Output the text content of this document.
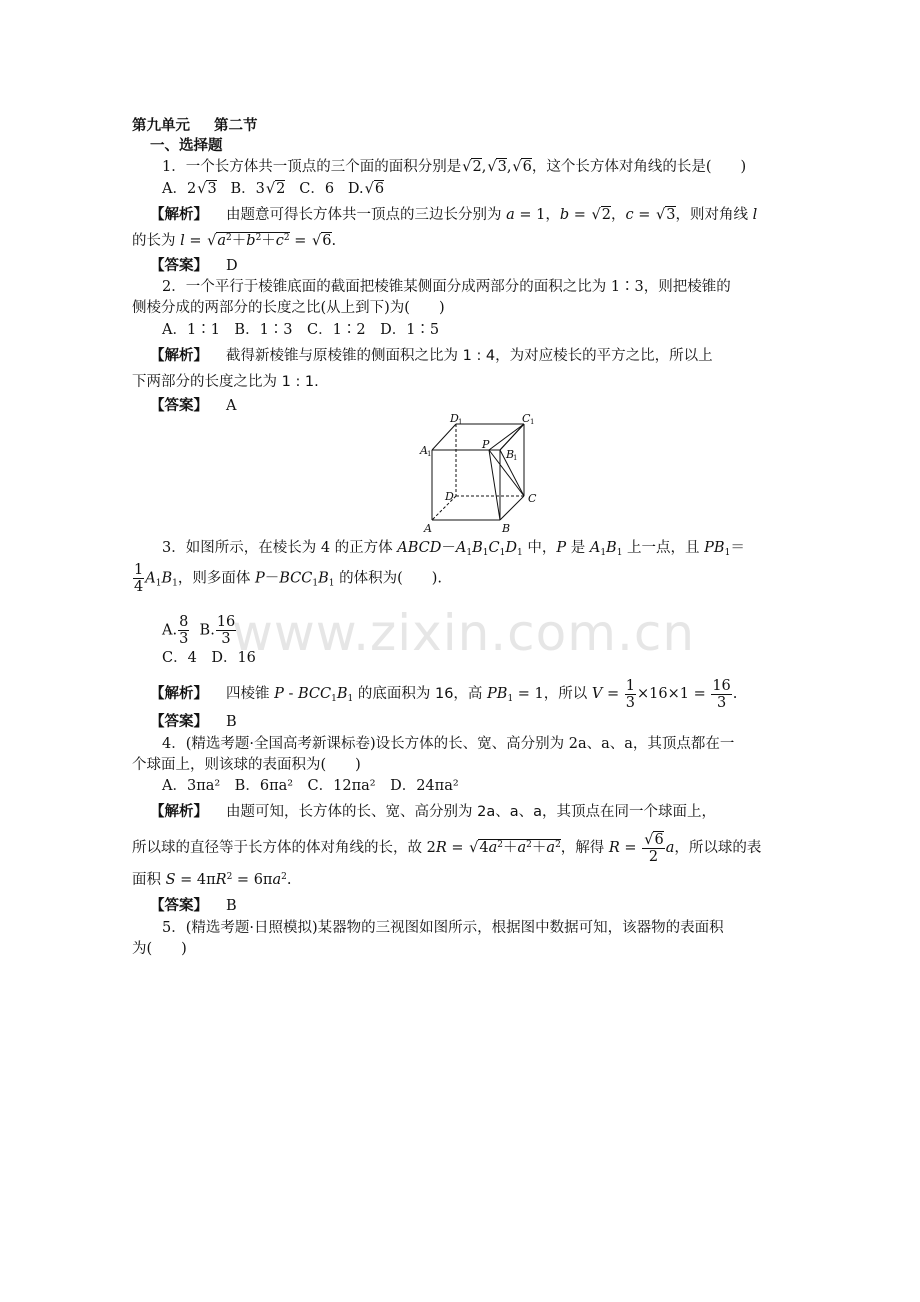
www.zixin.com.cn
第九单元 第二节
一、选择题
1．一个长方体共一顶点的三个面的面积分别是 √ 2, √ 3, √ 6，这个长方体对角线的长是(　　)
A．2 √ 3 B．3 √ 2 C．6 D. √ 6
【解析】 由题意可得长方体共一顶点的三边长分别为 a = 1，b = √ 2，c = √ 3，则对角线 l
的长为 l = √ $a^2+b^2+c^2$ = √ 6.
【答案】 D
2．一个平行于棱锥底面的截面把棱锥某侧面分成两部分的面积之比为 1∶3，则把棱锥的
侧棱分成的两部分的长度之比(从上到下)为(　　)
A．1∶1　B．1∶3　C．1∶2　D．1∶5
【解析】 截得新棱锥与原棱锥的侧面积之比为 1 : 4，为对应棱长的平方之比，所以上
下两部分的长度之比为 1 : 1.
【答案】 A
D 1	C 1
A 1
P
B
1
D	C
A	B
3．如图所示，在棱长为 4 的正方体 $ABCD-A_1B_1C_1D_1$ 中，P 是 $A_1B_1$ 上一点，且 $PB_1=$
$\frac{1}{4} A_1B_1$，则多面体 $P-BCC_1B_1$ 的体积为(　　).
A. $\frac{8}{3} B$. $\frac{16}{3}$
C．4　D．16
【解析】 四棱锥 P - $BCC_1B_1$ 的底面积为 16，高 $PB_1 = 1$，所以 $V = \frac{1}{3} \times 16\times 1 = \frac{16}{3}$ .
【答案】 B
4．(精选考题·全国高考新课标卷)设长方体的长、宽、高分别为 2a、a、a，其顶点都在一
个球面上，则该球的表面积为(　　)
A．3πa²　B．6πa²　C．12πa²　D．24πa²
【解析】 由题可知，长方体的长、宽、高分别为 2a、a、a，其顶点在同一个球面上，
所以球的直径等于长方体的体对角线的长，故 2R = √ $4a^2+a^2+a^2$，解得 R = √ $\frac{6}{2}$ a，所以球的表
面积 $S = 4\pi R^2 = 6\pi a^2$.
【答案】 B
5．(精选考题·日照模拟)某器物的三视图如图所示，根据图中数据可知，该器物的表面积
为(　　)
